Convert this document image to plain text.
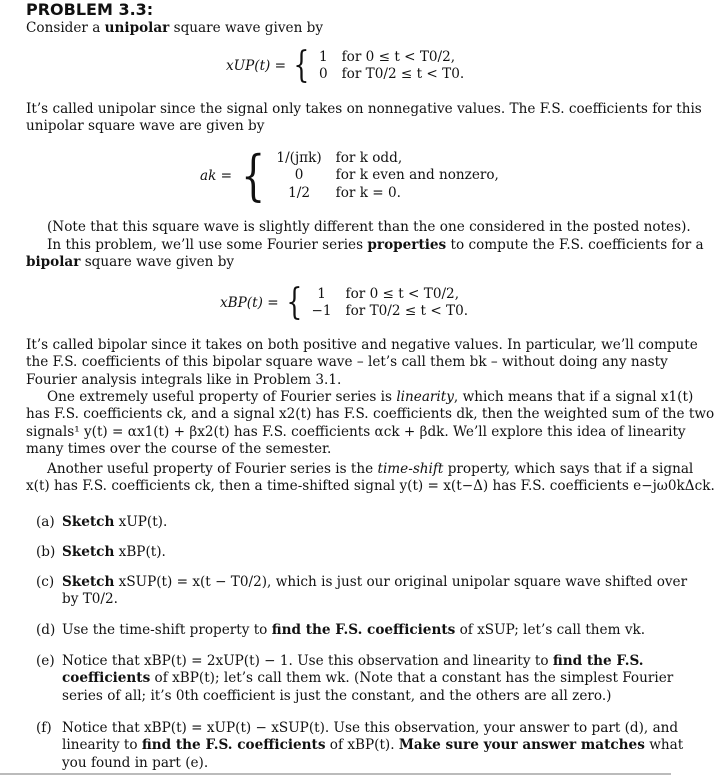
PROBLEM 3.3:
Consider a unipolar square wave given by
xUP(t) = { 1 for 0 ≤ t < T0/2,
0 for T0/2 ≤ t < T0.
It’s called unipolar since the signal only takes on nonnegative values. The F.S. coefficients for this
unipolar square wave are given by
ak = { 1/(jπk) for k odd,
0	for k even and nonzero,
1/2	for k = 0.
(Note that this square wave is slightly different than the one considered in the posted notes).
In this problem, we’ll use some Fourier series properties to compute the F.S. coefficients for a
bipolar square wave given by
xBP(t) = {	1	for 0 ≤ t < T0/2,
−1 for T0/2 ≤ t < T0.
It’s called bipolar since it takes on both positive and negative values. In particular, we’ll compute
the F.S. coefficients of this bipolar square wave – let’s call them bk – without doing any nasty
Fourier analysis integrals like in Problem 3.1.
One extremely useful property of Fourier series is linearity, which means that if a signal x1(t)
has F.S. coefficients ck, and a signal x2(t) has F.S. coefficients dk, then the weighted sum of the two
signals¹ y(t) = αx1(t) + βx2(t) has F.S. coefficients αck + βdk. We’ll explore this idea of linearity
many times over the course of the semester.
Another useful property of Fourier series is the time-shift property, which says that if a signal
x(t) has F.S. coefficients ck, then a time-shifted signal y(t) = x(t−Δ) has F.S. coefficients e−jω0kΔck.
(a) Sketch xUP(t).
(b) Sketch xBP(t).
(c) Sketch xSUP(t) = x(t − T0/2), which is just our original unipolar square wave shifted over
by T0/2.
(d) Use the time-shift property to find the F.S. coefficients of xSUP; let’s call them vk.
(e) Notice that xBP(t) = 2xUP(t) − 1. Use this observation and linearity to find the F.S.
coefficients of xBP(t); let’s call them wk. (Note that a constant has the simplest Fourier
series of all; it’s 0th coefficient is just the constant, and the others are all zero.)
(f) Notice that xBP(t) = xUP(t) − xSUP(t). Use this observation, your answer to part (d), and
linearity to find the F.S. coefficients of xBP(t). Make sure your answer matches what
you found in part (e).
